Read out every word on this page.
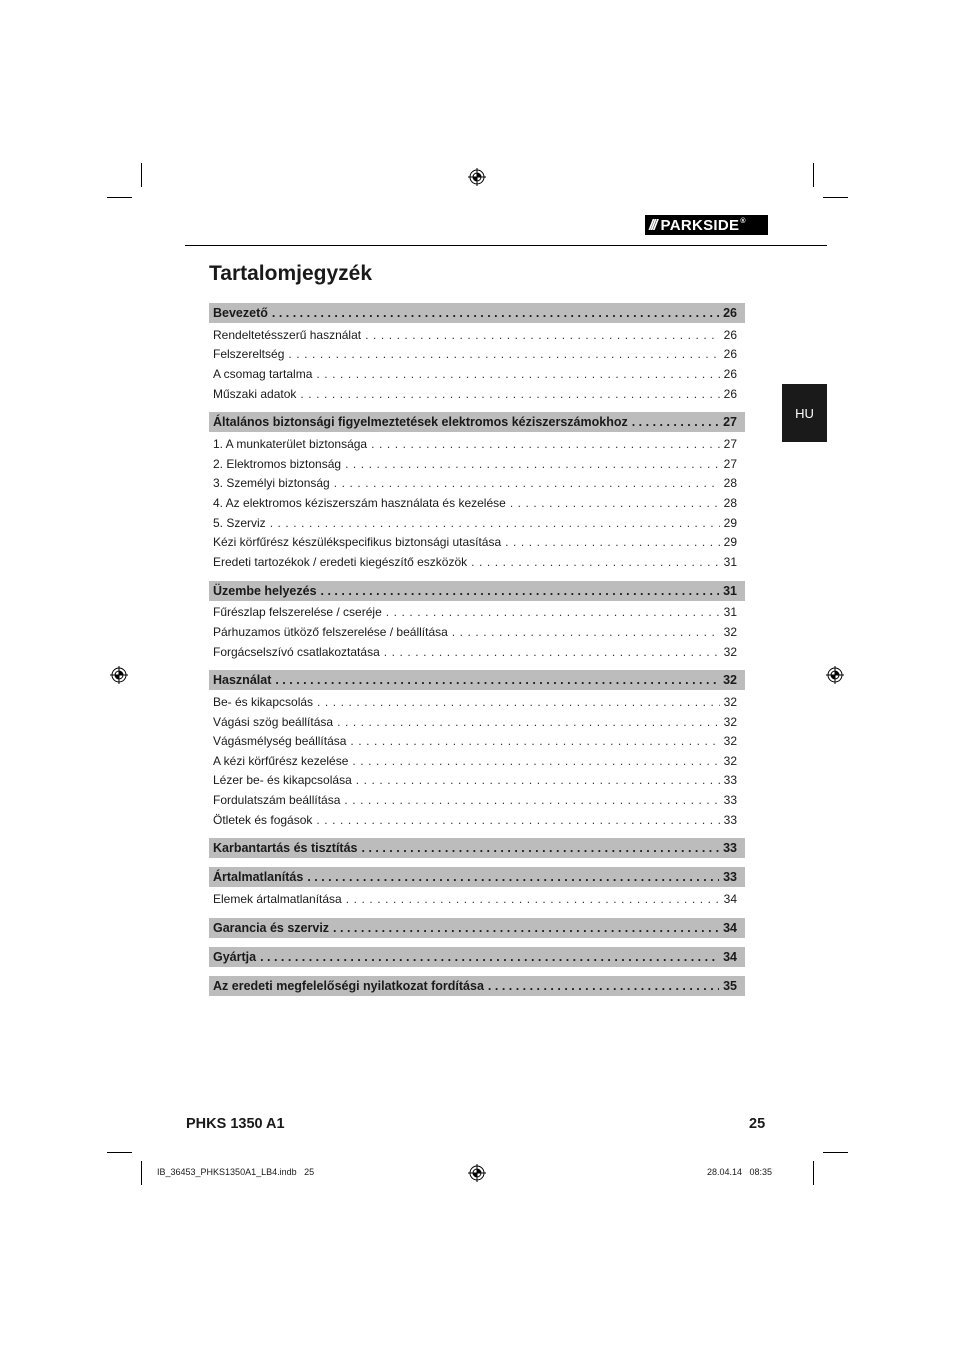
/// PARKSIDE ®
Tartalomjegyzék
HU
Bevezető . . .	26
Rendeltetésszerű használat . . .	26
Felszereltség . . .	26
A csomag tartalma . . .	26
Műszaki adatok . . .	26
Általános biztonsági figyelmeztetések elektromos kéziszerszámokhoz . . .	27
1. A munkaterület biztonsága . . .	27
2. Elektromos biztonság . . .	27
3. Személyi biztonság . . .	28
4. Az elektromos kéziszerszám használata és kezelése . . .	28
5. Szerviz . . .	29
Kézi körfűrész készülékspecifikus biztonsági utasítása . . .	29
Eredeti tartozékok / eredeti kiegészítő eszközök . . .	31
Üzembe helyezés . . .	31
Fűrészlap felszerelése / cseréje . . .	31
Párhuzamos ütköző felszerelése / beállítása . . .	32
Forgácselszívó csatlakoztatása . . .	32
Használat . . .	32
Be- és kikapcsolás . . .	32
Vágási szög beállítása . . .	32
Vágásmélység beállítása . . .	32
A kézi körfűrész kezelése . . .	32
Lézer be- és kikapcsolása . . .	33
Fordulatszám beállítása . . .	33
Ötletek és fogások . . .	33
Karbantartás és tisztítás . . .	33
Ártalmatlanítás . . .	33
Elemek ártalmatlanítása . . .	34
Garancia és szerviz . . .	34
Gyártja . . .	34
Az eredeti megfelelőségi nyilatkozat fordítása . . .	35
PHKS 1350 A1	25
IB_36453_PHKS1350A1_LB4.indb   25	28.04.14   08:35
